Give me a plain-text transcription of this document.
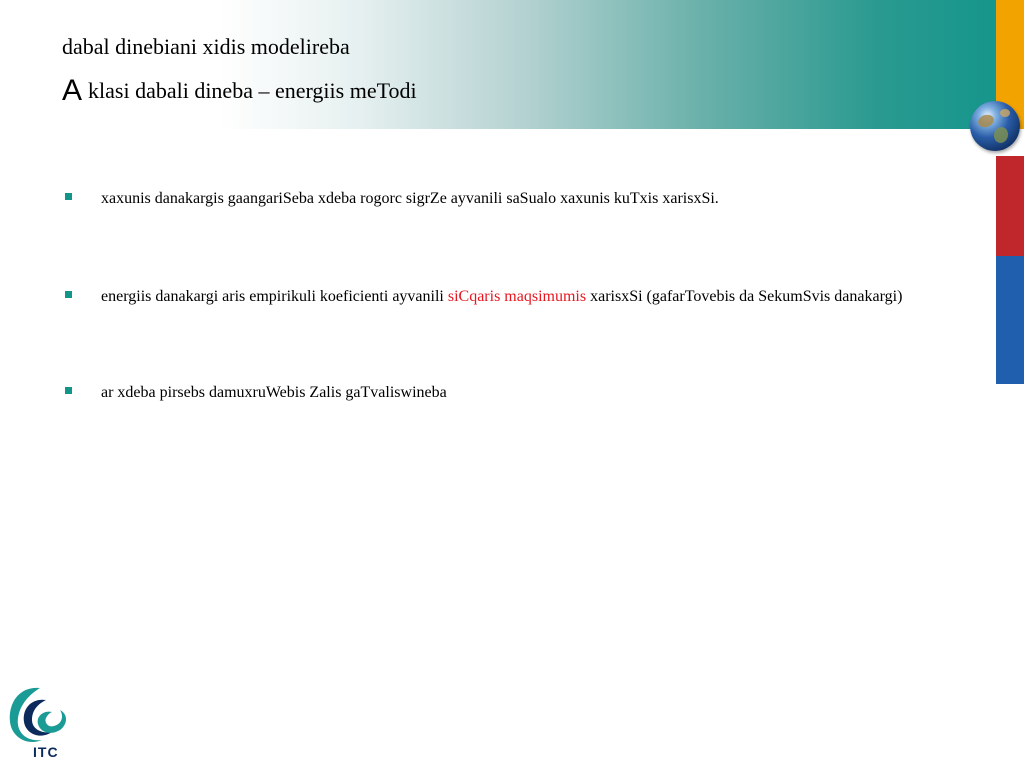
dabal dinebiani xidis modelireba
A klasi dabali dineba – energiis meTodi
xaxunis danakargis gaangariSeba xdeba rogorc sigrZe ayvanili saSualo xaxunis kuTxis xarisxSi.
energiis danakargi aris empirikuli koeficienti ayvanili siCqaris maqsimumis xarisxSi (gafarTovebis da SekumSvis danakargi)
ar xdeba pirsebs damuxruWebis Zalis gaTvaliswineba
ITC
